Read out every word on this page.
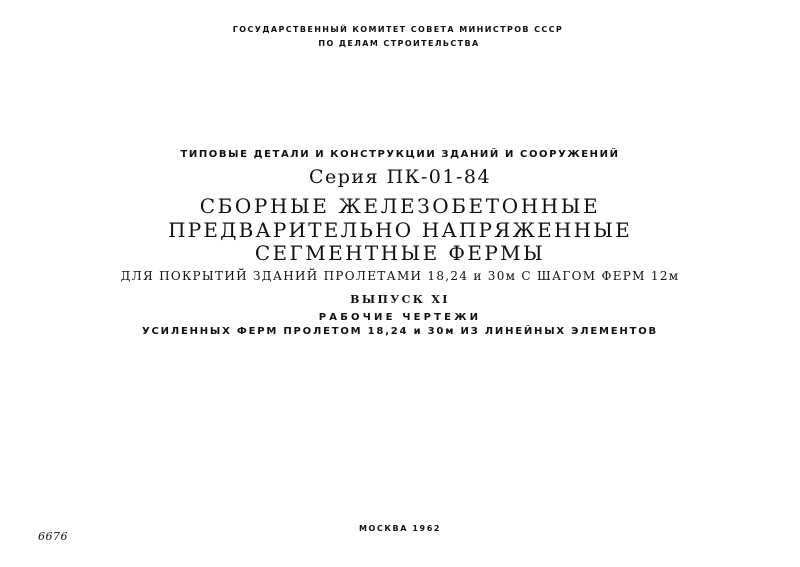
ГОСУДАРСТВЕННЫЙ КОМИТЕТ СОВЕТА МИНИСТРОВ СССР
ПО ДЕЛАМ СТРОИТЕЛЬСТВА
ТИПОВЫЕ ДЕТАЛИ И КОНСТРУКЦИИ ЗДАНИЙ И СООРУЖЕНИЙ
Серия ПК-01-84
СБОРНЫЕ ЖЕЛЕЗОБЕТОННЫЕ
ПРЕДВАРИТЕЛЬНО НАПРЯЖЕННЫЕ
СЕГМЕНТНЫЕ ФЕРМЫ
ДЛЯ ПОКРЫТИЙ ЗДАНИЙ ПРОЛЕТАМИ 18,24 и 30м С ШАГОМ ФЕРМ 12м
ВЫПУСК XI
РАБОЧИЕ ЧЕРТЕЖИ
УСИЛЕННЫХ ФЕРМ ПРОЛЕТОМ 18,24 и 30м ИЗ ЛИНЕЙНЫХ ЭЛЕМЕНТОВ
МОСКВА 1962
6676
